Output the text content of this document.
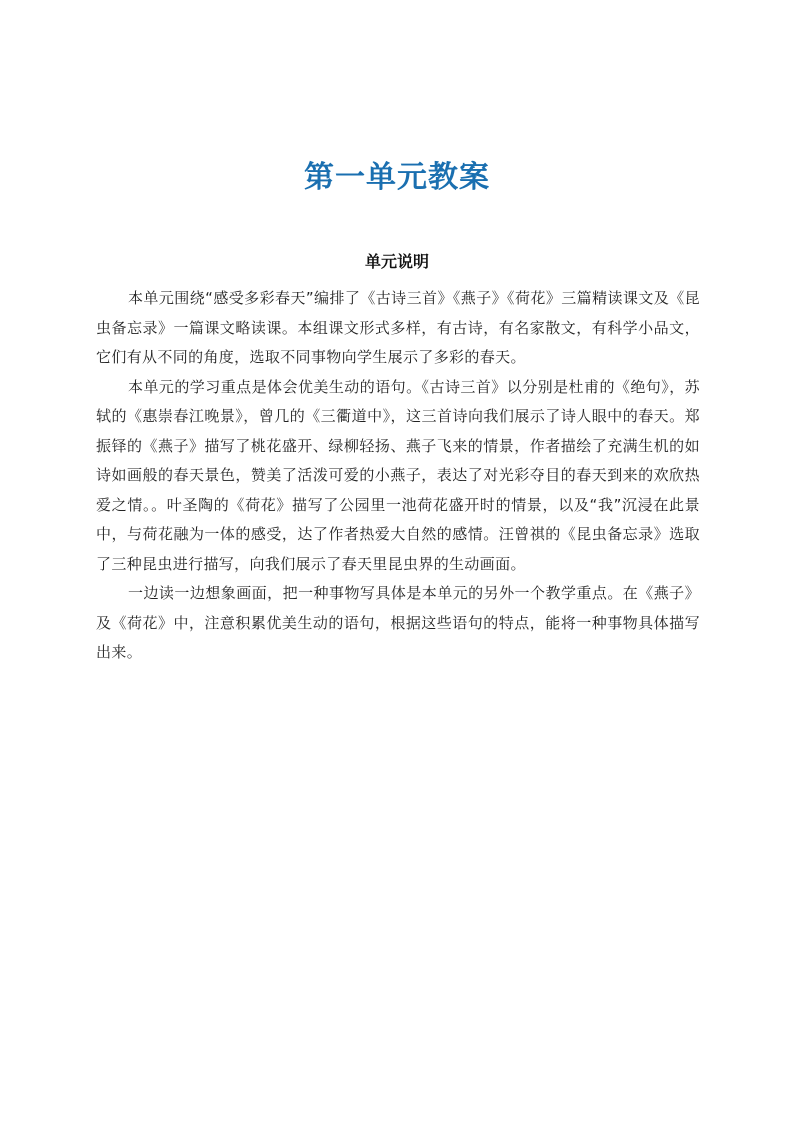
第一单元教案
单元说明

本单元围绕“感受多彩春天”编排了《古诗三首》《燕子》《荷花》三篇精读课文及《昆虫备忘录》一篇课文略读课。本组课文形式多样，有古诗，有名家散文，有科学小品文，它们有从不同的角度，选取不同事物向学生展示了多彩的春天。

本单元的学习重点是体会优美生动的语句。《古诗三首》以分别是杜甫的《绝句》，苏轼的《惠崇春江晚景》，曾几的《三衢道中》，这三首诗向我们展示了诗人眼中的春天。郑振铎的《燕子》描写了桃花盛开、绿柳轻扬、燕子飞来的情景，作者描绘了充满生机的如诗如画般的春天景色，赞美了活泼可爱的小燕子，表达了对光彩夺目的春天到来的欢欣热爱之情。。叶圣陶的《荷花》描写了公园里一池荷花盛开时的情景，以及“我”沉浸在此景中，与荷花融为一体的感受，达了作者热爱大自然的感情。汪曾祺的《昆虫备忘录》选取了三种昆虫进行描写，向我们展示了春天里昆虫界的生动画面。

一边读一边想象画面，把一种事物写具体是本单元的另外一个教学重点。在《燕子》及《荷花》中，注意积累优美生动的语句，根据这些语句的特点，能将一种事物具体描写出来。
